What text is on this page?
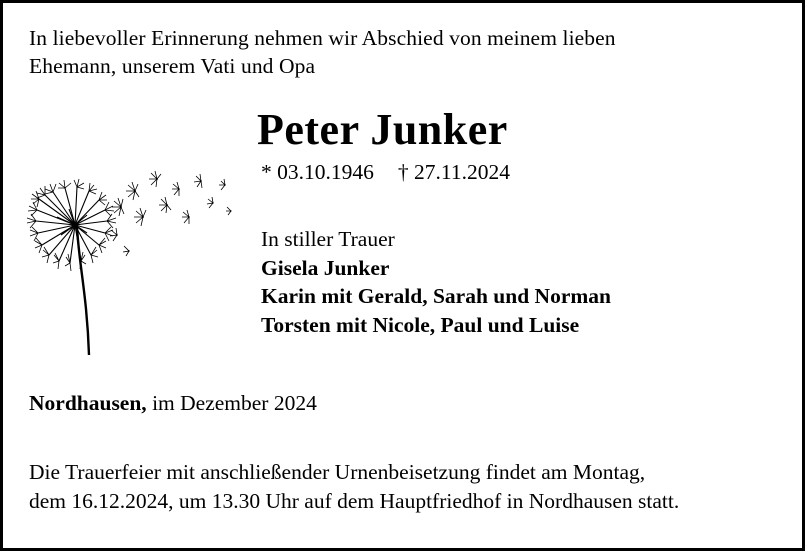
In liebevoller Erinnerung nehmen wir Abschied von meinem lieben
Ehemann, unserem Vati und Opa

Peter Junker
* 03.10.1946 † 27.11.2024

In stiller Trauer

Gisela Junker

Karin mit Gerald, Sarah und Norman

Torsten mit Nicole, Paul und Luise

Nordhausen, im Dezember 2024

Die Trauerfeier mit anschließender Urnenbeisetzung findet am Montag,
dem 16.12.2024, um 13.30 Uhr auf dem Hauptfriedhof in Nordhausen statt.
